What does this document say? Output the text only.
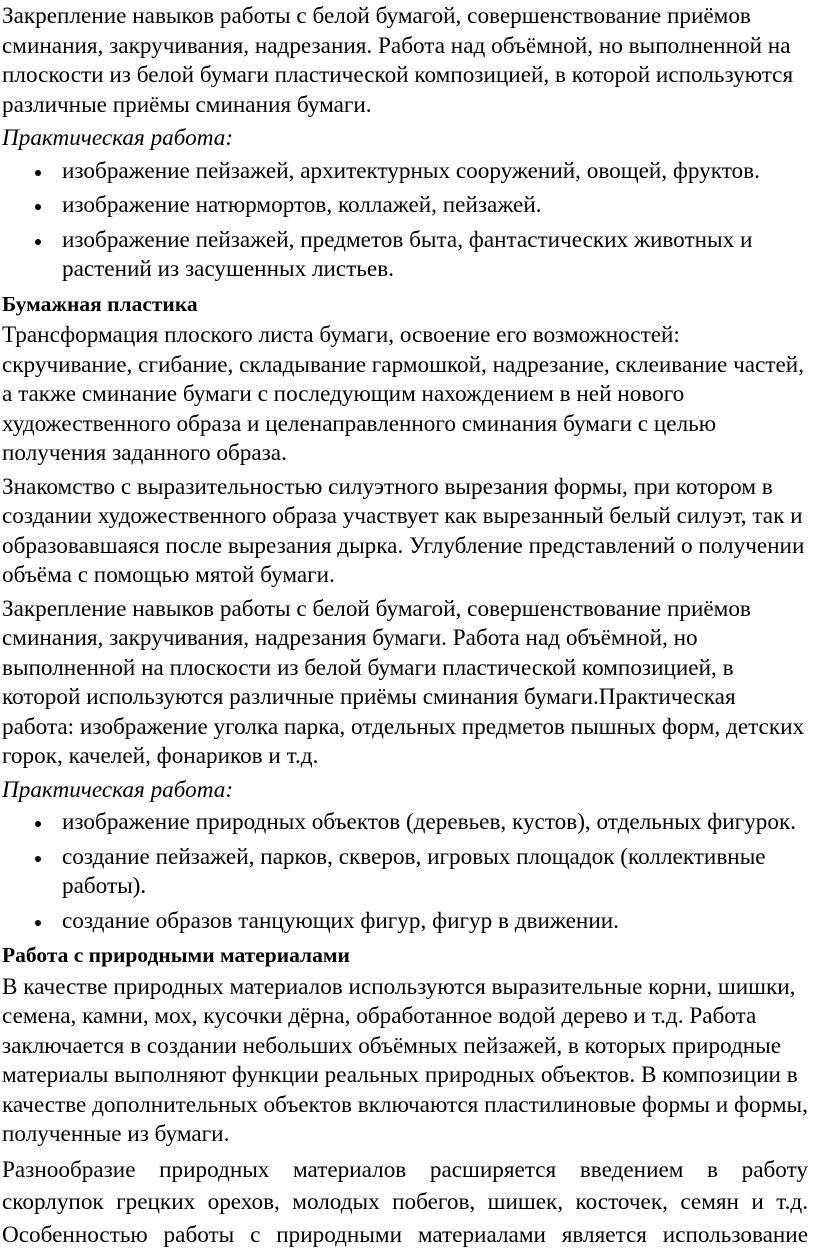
Закрепление навыков работы с белой бумагой, совершенствование приёмов сминания, закручивания, надрезания. Работа над объёмной, но выполненной на плоскости из белой бумаги пластической композицией, в которой используются различные приёмы сминания бумаги.

Практическая работа:

изображение пейзажей, архитектурных сооружений, овощей, фруктов.
изображение натюрмортов, коллажей, пейзажей.
изображение пейзажей, предметов быта, фантастических животных и растений из засушенных листьев.

Бумажная пластика

Трансформация плоского листа бумаги, освоение его возможностей: скручивание, сгибание, складывание гармошкой, надрезание, склеивание частей, а также сминание бумаги с последующим нахождением в ней нового художественного образа и целенаправленного сминания бумаги с целью получения заданного образа.

Знакомство с выразительностью силуэтного вырезания формы, при котором в создании художественного образа участвует как вырезанный белый силуэт, так и образовавшаяся после вырезания дырка. Углубление представлений о получении объёма с помощью мятой бумаги.

Закрепление навыков работы с белой бумагой, совершенствование приёмов сминания, закручивания, надрезания бумаги. Работа над объёмной, но выполненной на плоскости из белой бумаги пластической композицией, в которой используются различные приёмы сминания бумаги.Практическая работа: изображение уголка парка, отдельных предметов пышных форм, детских горок, качелей, фонариков и т.д.

Практическая работа:

изображение природных объектов (деревьев, кустов), отдельных фигурок.
создание пейзажей, парков, скверов, игровых площадок (коллективные работы).
создание образов танцующих фигур, фигур в движении.

Работа с природными материалами

В качестве природных материалов используются выразительные корни, шишки, семена, камни, мох, кусочки дёрна, обработанное водой дерево и т.д. Работа заключается в создании небольших объёмных пейзажей, в которых природные материалы выполняют функции реальных природных объектов. В композиции в качестве дополнительных объектов включаются пластилиновые формы и формы, полученные из бумаги.

Разнообразие природных материалов расширяется введением в работу скорлупок грецких орехов, молодых побегов, шишек, косточек, семян и т.д. Особенностью работы с природными материалами является использование
